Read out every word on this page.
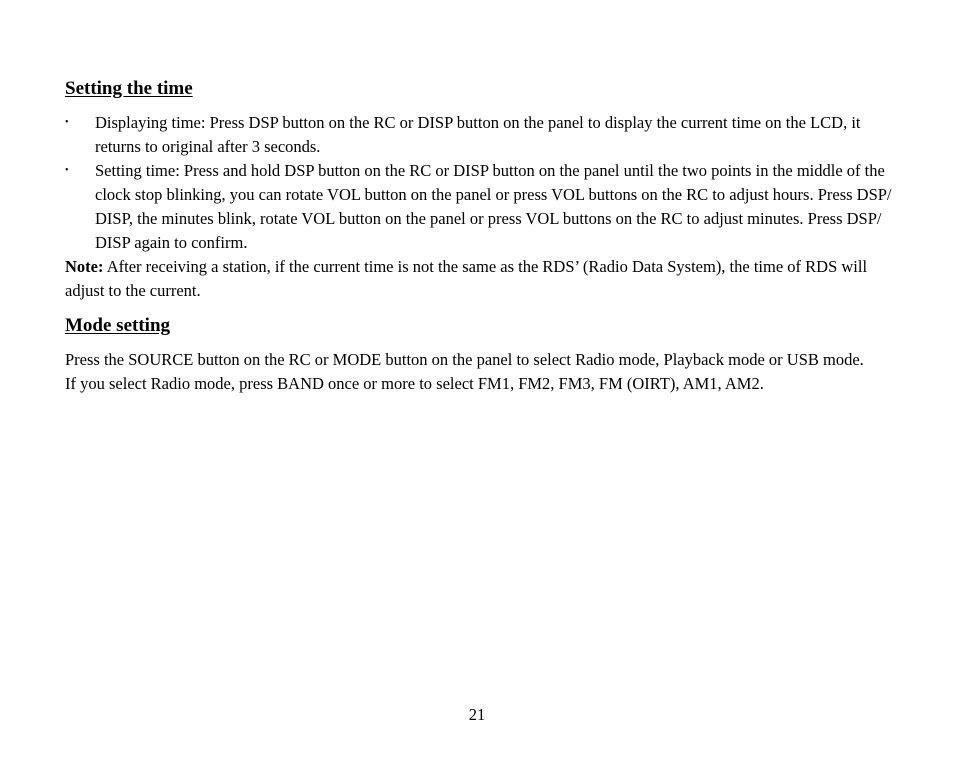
Setting the time
• Displaying time: Press DSP button on the RC or DISP button on the panel to display the current time on the LCD, it returns to original after 3 seconds.
• Setting time: Press and hold DSP button on the RC or DISP button on the panel until the two points in the middle of the clock stop blinking, you can rotate VOL button on the panel or press VOL buttons on the RC to adjust hours. Press DSP/ DISP, the minutes blink, rotate VOL button on the panel or press VOL buttons on the RC to adjust minutes. Press DSP/ DISP again to confirm.

Note: After receiving a station, if the current time is not the same as the RDS’ (Radio Data System), the time of RDS will adjust to the current.

Mode setting

Press the SOURCE button on the RC or MODE button on the panel to select Radio mode, Playback mode or USB mode.

If you select Radio mode, press BAND once or more to select FM1, FM2, FM3, FM (OIRT), AM1, AM2.

21
